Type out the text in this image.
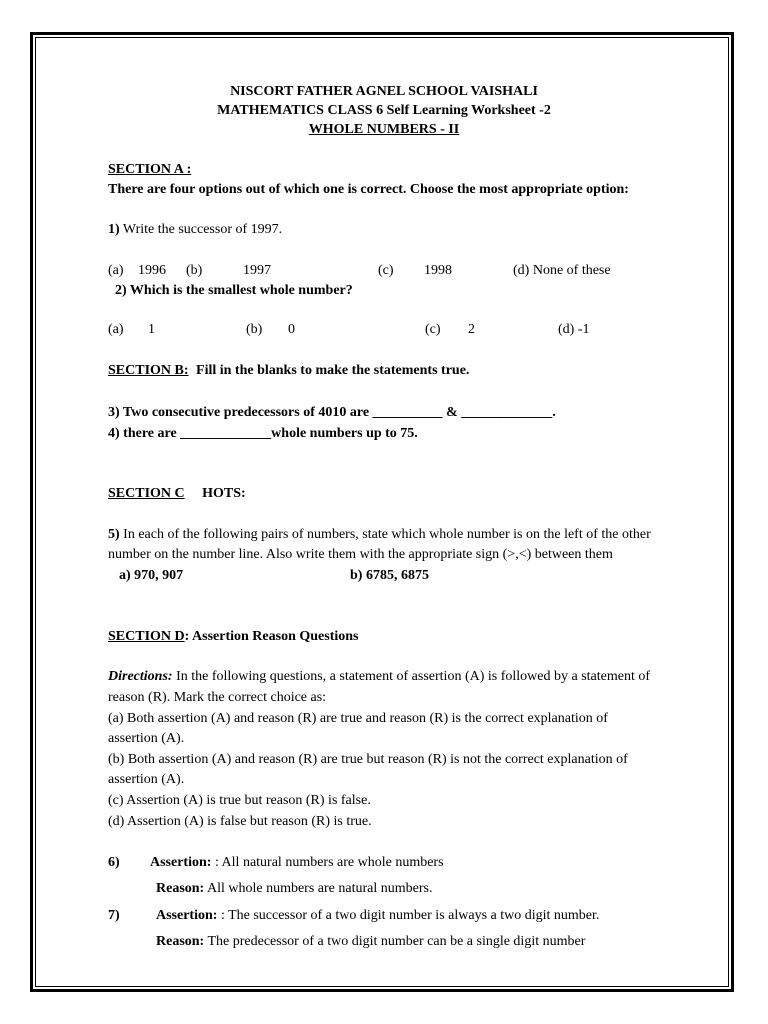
NISCORT FATHER AGNEL SCHOOL VAISHALI
MATHEMATICS CLASS 6 Self Learning Worksheet -2
WHOLE NUMBERS - II
SECTION A :
There are four options out of which one is correct. Choose the most appropriate option:
1) Write the successor of 1997.
(a) 1996 (b)	1997	(c) 1998	(d) None of these
2) Which is the smallest whole number?
(a) 1	(b) 0	(c) 2	(d) -1
SECTION B: Fill in the blanks to make the statements true.
3) Two consecutive predecessors of 4010 are __________ & _____________.
4) there are _____________whole numbers up to 75.
SECTION C HOTS:
5) In each of the following pairs of numbers, state which whole number is on the left of the other
number on the number line. Also write them with the appropriate sign (>,<) between them
a) 970, 907	b) 6785, 6875
SECTION D: Assertion Reason Questions
Directions: In the following questions, a statement of assertion (A) is followed by a statement of
reason (R). Mark the correct choice as:
(a) Both assertion (A) and reason (R) are true and reason (R) is the correct explanation of
assertion (A).
(b) Both assertion (A) and reason (R) are true but reason (R) is not the correct explanation of
assertion (A).
(c) Assertion (A) is true but reason (R) is false.
(d) Assertion (A) is false but reason (R) is true.
6) Assertion: : All natural numbers are whole numbers
Reason: All whole numbers are natural numbers.
7)	Assertion: : The successor of a two digit number is always a two digit number.
Reason: The predecessor of a two digit number can be a single digit number
